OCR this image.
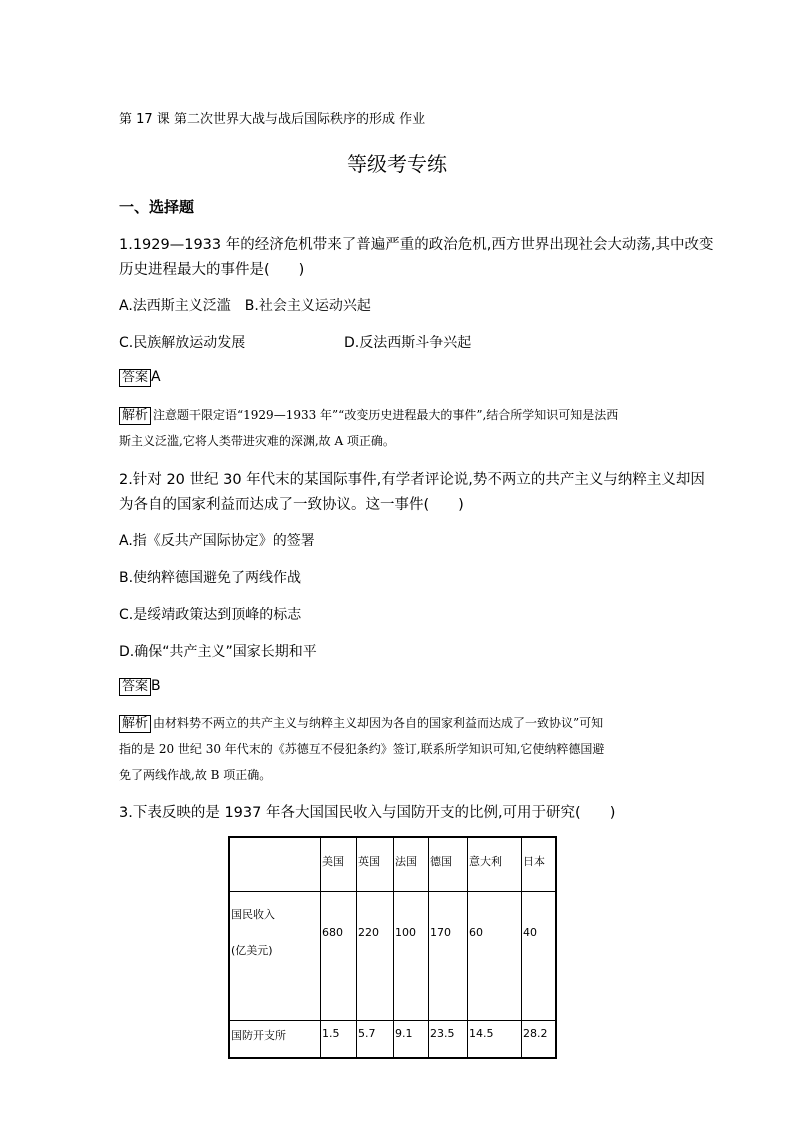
第 17 课 第二次世界大战与战后国际秩序的形成 作业
等级考专练
一、选择题
1.1929—1933 年的经济危机带来了普遍严重的政治危机,西方世界出现社会大动荡,其中改变
历史进程最大的事件是(　　)
A.法西斯主义泛滥　B.社会主义运动兴起
C.民族解放运动发展	D.反法西斯斗争兴起
答案 A
解析 注意题干限定语“1929—1933 年”“改变历史进程最大的事件”,结合所学知识可知是法西
斯主义泛滥,它将人类带进灾难的深渊,故 A 项正确。
2.针对 20 世纪 30 年代末的某国际事件,有学者评论说,势不两立的共产主义与纳粹主义却因
为各自的国家利益而达成了一致协议。这一事件(　　)
A.指《反共产国际协定》的签署
B.使纳粹德国避免了两线作战
C.是绥靖政策达到顶峰的标志
D.确保“共产主义”国家长期和平
答案 B
解析 由材料势不两立的共产主义与纳粹主义却因为各自的国家利益而达成了一致协议”可知
指的是 20 世纪 30 年代末的《苏德互不侵犯条约》签订,联系所学知识可知,它使纳粹德国避
免了两线作战,故 B 项正确。
3.下表反映的是 1937 年各大国国民收入与国防开支的比例,可用于研究(　　)
	美国	英国	法国	德国	意大利	日本

国民收入
(亿美元)	680	220	100	170	60	40
国防开支所	1.5	5.7	9.1	23.5	14.5	28.2
